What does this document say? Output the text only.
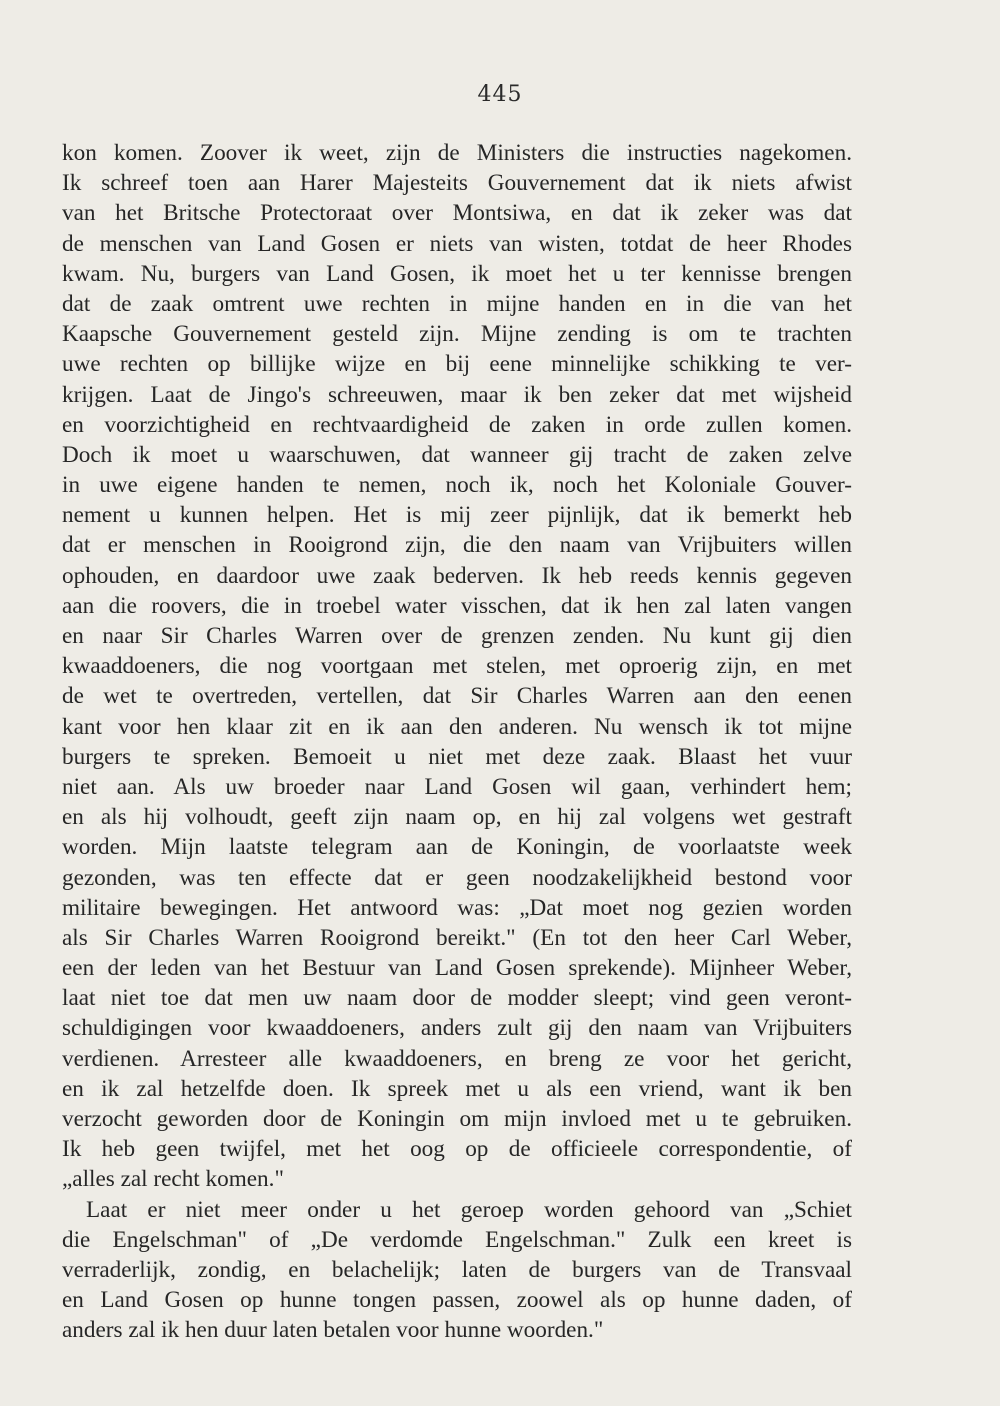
445
kon komen. Zoover ik weet, zijn de Ministers die instructies nagekomen.
Ik schreef toen aan Harer Majesteits Gouvernement dat ik niets afwist
van het Britsche Protectoraat over Montsiwa, en dat ik zeker was dat
de menschen van Land Gosen er niets van wisten, totdat de heer Rhodes
kwam. Nu, burgers van Land Gosen, ik moet het u ter kennisse brengen
dat de zaak omtrent uwe rechten in mijne handen en in die van het
Kaapsche Gouvernement gesteld zijn. Mijne zending is om te trachten
uwe rechten op billijke wijze en bij eene minnelijke schikking te ver-
krijgen. Laat de Jingo's schreeuwen, maar ik ben zeker dat met wijsheid
en voorzichtigheid en rechtvaardigheid de zaken in orde zullen komen.
Doch ik moet u waarschuwen, dat wanneer gij tracht de zaken zelve
in uwe eigene handen te nemen, noch ik, noch het Koloniale Gouver-
nement u kunnen helpen. Het is mij zeer pijnlijk, dat ik bemerkt heb
dat er menschen in Rooigrond zijn, die den naam van Vrijbuiters willen
ophouden, en daardoor uwe zaak bederven. Ik heb reeds kennis gegeven
aan die roovers, die in troebel water visschen, dat ik hen zal laten vangen
en naar Sir Charles Warren over de grenzen zenden. Nu kunt gij dien
kwaaddoeners, die nog voortgaan met stelen, met oproerig zijn, en met
de wet te overtreden, vertellen, dat Sir Charles Warren aan den eenen
kant voor hen klaar zit en ik aan den anderen. Nu wensch ik tot mijne
burgers te spreken. Bemoeit u niet met deze zaak. Blaast het vuur
niet aan. Als uw broeder naar Land Gosen wil gaan, verhindert hem;
en als hij volhoudt, geeft zijn naam op, en hij zal volgens wet gestraft
worden. Mijn laatste telegram aan de Koningin, de voorlaatste week
gezonden, was ten effecte dat er geen noodzakelijkheid bestond voor
militaire bewegingen. Het antwoord was: „Dat moet nog gezien worden
als Sir Charles Warren Rooigrond bereikt." (En tot den heer Carl Weber,
een der leden van het Bestuur van Land Gosen sprekende). Mijnheer Weber,
laat niet toe dat men uw naam door de modder sleept; vind geen veront-
schuldigingen voor kwaaddoeners, anders zult gij den naam van Vrijbuiters
verdienen. Arresteer alle kwaaddoeners, en breng ze voor het gericht,
en ik zal hetzelfde doen. Ik spreek met u als een vriend, want ik ben
verzocht geworden door de Koningin om mijn invloed met u te gebruiken.
Ik heb geen twijfel, met het oog op de officieele correspondentie, of
„alles zal recht komen."
Laat er niet meer onder u het geroep worden gehoord van „Schiet
die Engelschman" of „De verdomde Engelschman." Zulk een kreet is
verraderlijk, zondig, en belachelijk; laten de burgers van de Transvaal
en Land Gosen op hunne tongen passen, zoowel als op hunne daden, of
anders zal ik hen duur laten betalen voor hunne woorden."
